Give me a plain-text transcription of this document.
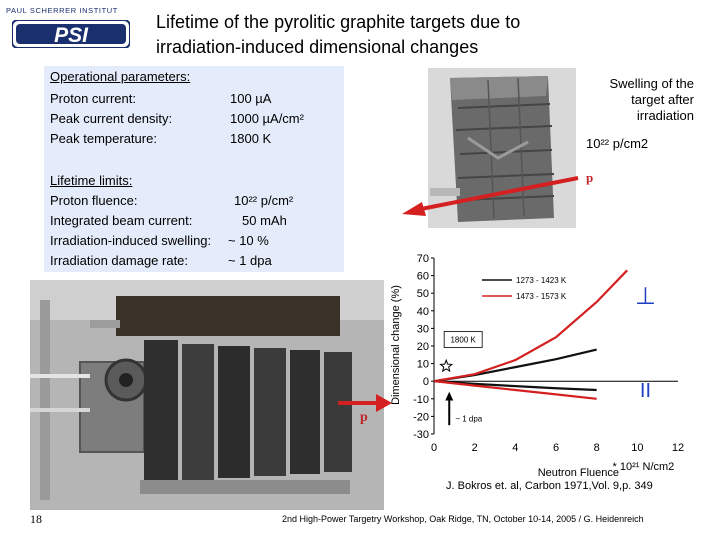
PAUL SCHERRER INSTITUT
PSI
Lifetime of the pyrolitic graphite targets due to
irradiation-induced dimensional changes
Operational parameters:
Proton current:	100 µA
Peak current density:	1000 µA/cm²
Peak temperature:	1800 K
Lifetime limits:
Proton fluence:	10²² p/cm²
Integrated beam current:	50 mAh
Irradiation-induced swelling: ~ 10 %
Irradiation damage rate:	~ 1 dpa
Swelling of the target after irradiation
10²² p/cm2
p
p
Dimensional change (%)
-30
-20
-10
0
10
20
30
40
50
60
70
0	2	4	6	8	10	12
1273 - 1423 K
1473 - 1573 K
1800 K
~ 1 dpa
⊥
II
Neutron Fluence
* 10²¹ N/cm2
J. Bokros et. al, Carbon 1971,Vol. 9,p. 349
18	2nd High-Power Targetry Workshop, Oak Ridge, TN, October 10-14, 2005 / G. Heidenreich
